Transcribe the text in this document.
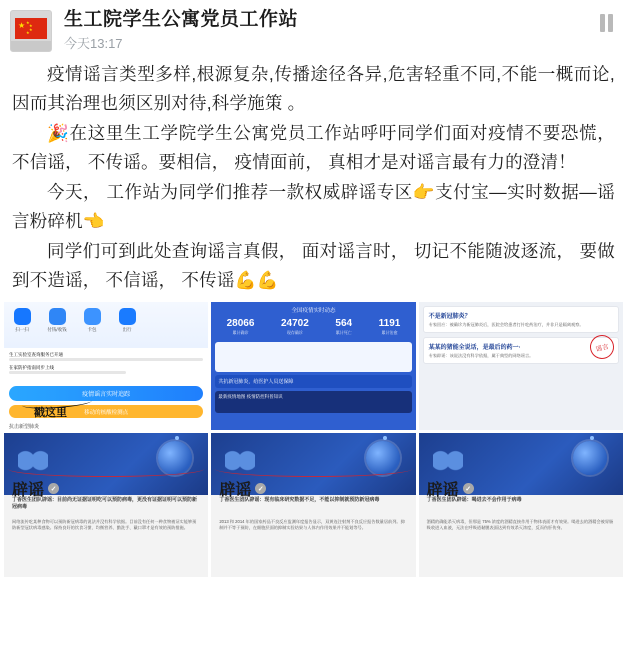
★ ★
★
★
★
生工院学生公寓党员工作站
今天13:17

疫情谣言类型多样,根源复杂,传播途径各异,危害轻重不同,不能一概而论,因而其治理也须区别对待,科学施策 。

🎉在这里生工学院学生公寓党员工作站呼吁同学们面对疫情不要恐慌， 不信谣， 不传谣。要相信， 疫情面前， 真相才是对谣言最有力的澄清！

今天， 工作站为同学们推荐一款权威辟谣专区👉支付宝—实时数据—谣言粉碎机👈

同学们可到此处查询谣言真假， 面对谣言时， 切记不能随波逐流， 要做到不造谣， 不信谣， 不传谣💪💪

扫一扫	付钱/收钱	卡包	出行
生工实验室查询服务已开通
在家防护指南同步上线
疫情谣言实时追踪
移动的核酸检测点
抗击新型肺炎
戳这里
全国疫情实时动态
28066
累计确诊
24702
现存确诊
564
累计死亡
1191
累计治愈
共抗新冠肺炎，给医护人员送保障
最新疫情地图 疫情防控科普知识
不是新冠肺炎？
专家回应：被确诊为新冠肺炎后，医院会给患者打针吃药治疗，并非只是隔离观察。
某某的猪能全说话，是最后的药一·
专家辟谣：该说法没有科学依据，属于典型的网络谣言。
谣言
辟谣 ✓
丁香医生团队辟谣：目前尚无证据证明吃可以预防病毒，更没有证据证明可以预防新冠病毒
网络流传吃某种食物可以预防新冠病毒的说法并没有科学依据。目前没有任何一种食物被证实能够预防新型冠状病毒感染。保持良好的饮食习惯、均衡营养、勤洗手、戴口罩才是有效的预防措施。
辟谣 ✓
丁香医生团队辟谣：现有临床研究数据不足，不能以抑制就预防新冠病毒
2013 和 2014 年的国家药品不良反应监测年度报告显示，双黄连注射剂不良反应报告数量居前列。抑制并不等于预防，在细胞层面的抑制实验结果与人体内作用效果并不能划等号。
辟谣 ✓
丁香医生团队辟谣：喝进去不会作用于病毒
酒精的确能杀灭病毒，但那是 75% 浓度的酒精直接作用于物体表面才有效果。喝进去的酒精会被胃肠吸收进入血液，无法在呼吸道黏膜表面达到有效杀灭浓度，反而伤肝伤身。
